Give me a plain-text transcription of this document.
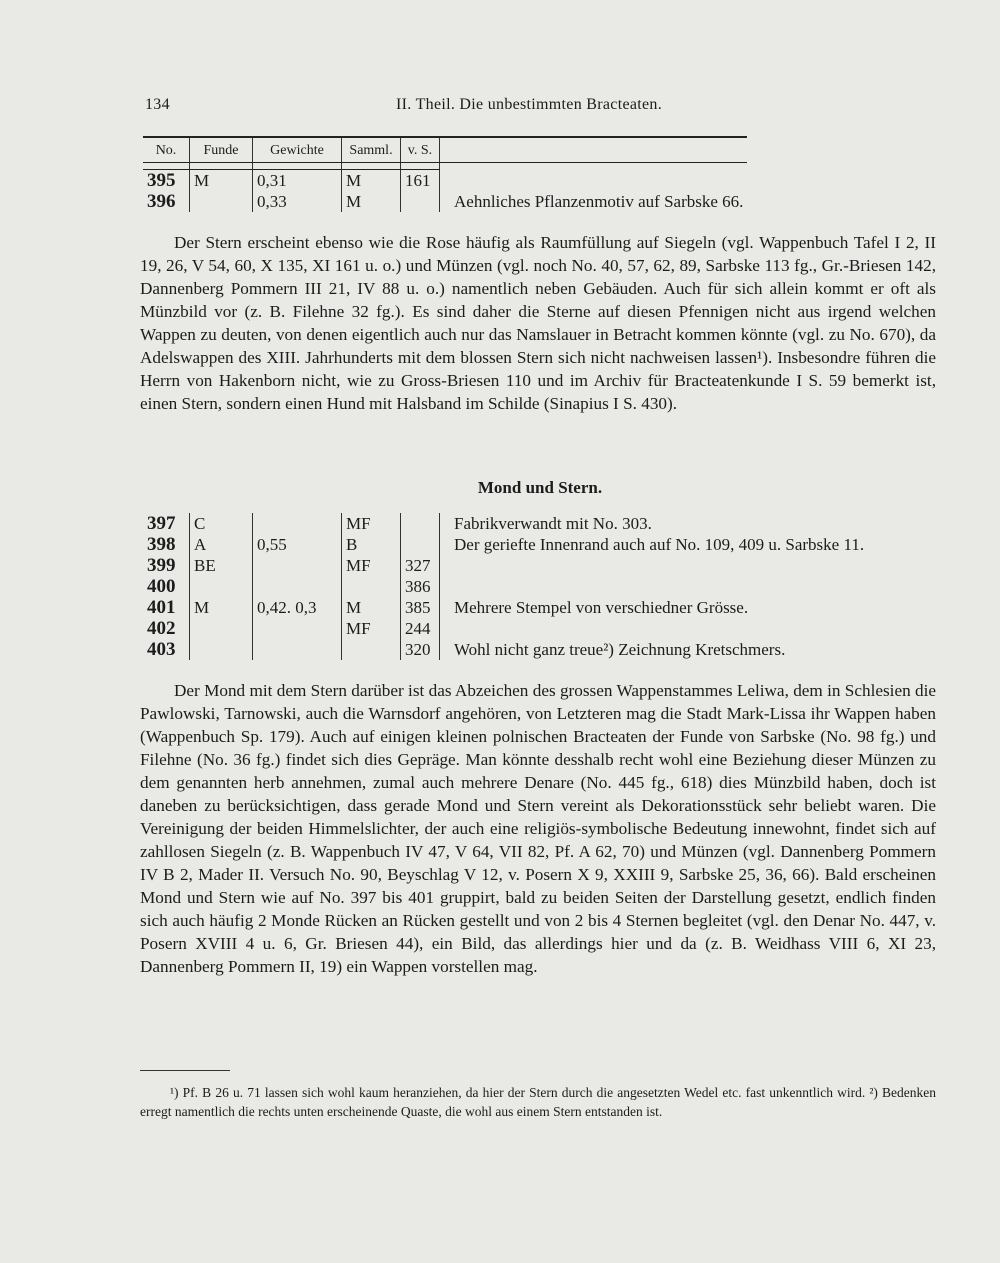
134	II. Theil. Die unbestimmten Bracteaten.
No.	Funde	Gewichte	Samml.	v. S.	

395	M	0,31	M	161	
396		0,33	M		Aehnliches Pflanzenmotiv auf Sarbske 66.
Der Stern erscheint ebenso wie die Rose häufig als Raumfüllung auf Siegeln (vgl. Wappenbuch Tafel I 2, II 19, 26, V 54, 60, X 135, XI 161 u. o.) und Münzen (vgl. noch No. 40, 57, 62, 89, Sarbske 113 fg., Gr.-Briesen 142, Dannenberg Pommern III 21, IV 88 u. o.) namentlich neben Gebäuden. Auch für sich allein kommt er oft als Münzbild vor (z. B. Filehne 32 fg.). Es sind daher die Sterne auf diesen Pfennigen nicht aus irgend welchen Wappen zu deuten, von denen eigentlich auch nur das Namslauer in Betracht kommen könnte (vgl. zu No. 670), da Adelswappen des XIII. Jahrhunderts mit dem blossen Stern sich nicht nachweisen lassen¹). Insbesondre führen die Herrn von Hakenborn nicht, wie zu Gross-Briesen 110 und im Archiv für Bracteatenkunde I S. 59 bemerkt ist, einen Stern, sondern einen Hund mit Halsband im Schilde (Sinapius I S. 430).
Mond und Stern.
397	C		MF		Fabrikverwandt mit No. 303.
398	A	0,55	B		Der geriefte Innenrand auch auf No. 109, 409 u. Sarbske 11.
399	BE		MF	327	
400				386	
401	M	0,42. 0,3	M	385	Mehrere Stempel von verschiedner Grösse.
402			MF	244	
403				320	Wohl nicht ganz treue²) Zeichnung Kretschmers.
Der Mond mit dem Stern darüber ist das Abzeichen des grossen Wappenstammes Leliwa, dem in Schlesien die Pawlowski, Tarnowski, auch die Warnsdorf angehören, von Letzteren mag die Stadt Mark-Lissa ihr Wappen haben (Wappenbuch Sp. 179). Auch auf einigen kleinen polnischen Bracteaten der Funde von Sarbske (No. 98 fg.) und Filehne (No. 36 fg.) findet sich dies Gepräge. Man könnte desshalb recht wohl eine Beziehung dieser Münzen zu dem genannten herb annehmen, zumal auch mehrere Denare (No. 445 fg., 618) dies Münzbild haben, doch ist daneben zu berücksichtigen, dass gerade Mond und Stern vereint als Dekorationsstück sehr beliebt waren. Die Vereinigung der beiden Himmelslichter, der auch eine religiös-symbolische Bedeutung innewohnt, findet sich auf zahllosen Siegeln (z. B. Wappenbuch IV 47, V 64, VII 82, Pf. A 62, 70) und Münzen (vgl. Dannenberg Pommern IV B 2, Mader II. Versuch No. 90, Beyschlag V 12, v. Posern X 9, XXIII 9, Sarbske 25, 36, 66). Bald erscheinen Mond und Stern wie auf No. 397 bis 401 gruppirt, bald zu beiden Seiten der Darstellung gesetzt, endlich finden sich auch häufig 2 Monde Rücken an Rücken gestellt und von 2 bis 4 Sternen begleitet (vgl. den Denar No. 447, v. Posern XVIII 4 u. 6, Gr. Briesen 44), ein Bild, das allerdings hier und da (z. B. Weidhass VIII 6, XI 23, Dannenberg Pommern II, 19) ein Wappen vorstellen mag.
¹) Pf. B 26 u. 71 lassen sich wohl kaum heranziehen, da hier der Stern durch die angesetzten Wedel etc. fast unkenntlich wird. ²) Bedenken erregt namentlich die rechts unten erscheinende Quaste, die wohl aus einem Stern entstanden ist.
